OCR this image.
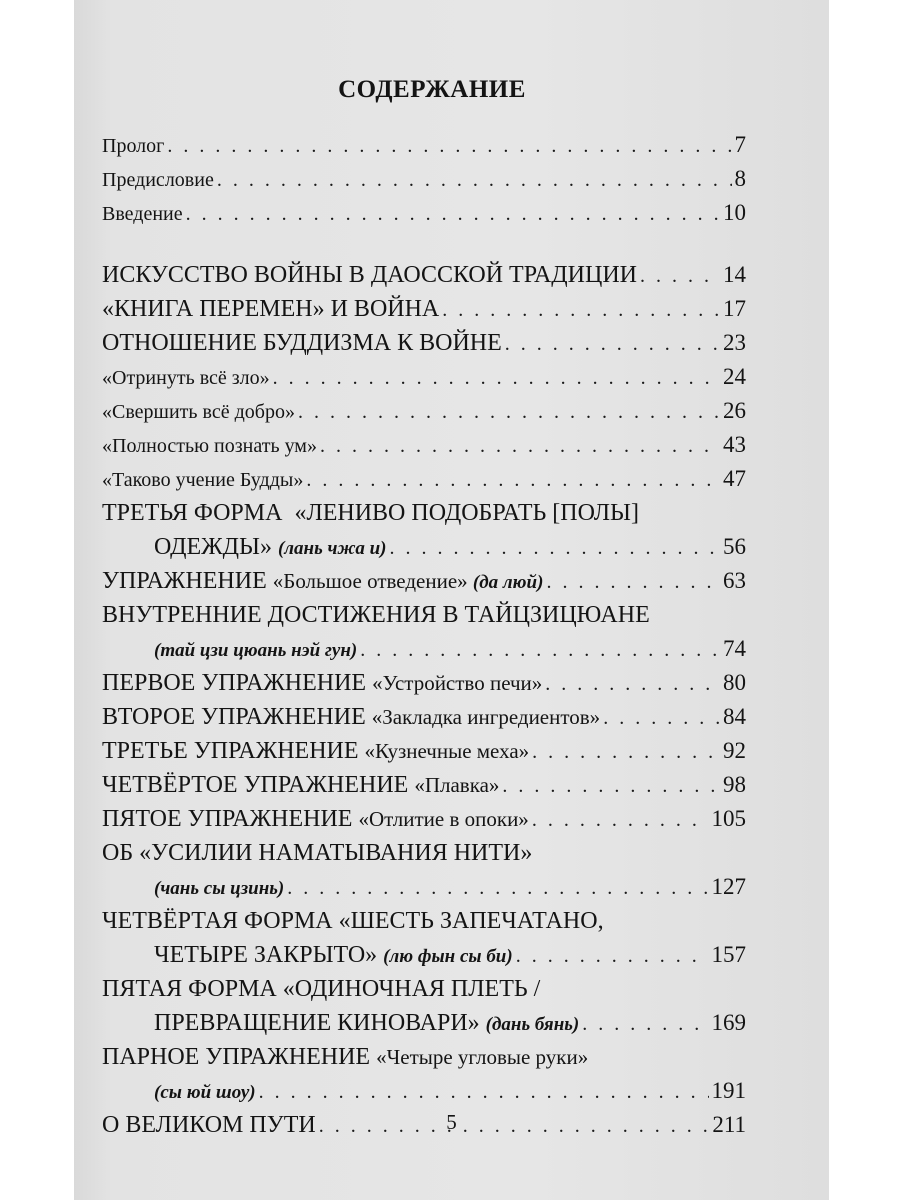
СОДЕРЖАНИЕ
Пролог . . .	7
Предисловие . . .	8
Введение . . .	10
ИСКУССТВО ВОЙНЫ В ДАОССКОЙ ТРАДИЦИИ . . .	14
«КНИГА ПЕРЕМЕН» И ВОЙНА . . .	17
ОТНОШЕНИЕ БУДДИЗМА К ВОЙНЕ . . .	23
«Отринуть всё зло» . . .	24
«Свершить всё добро» . . .	26
«Полностью познать ум» . . .	43
«Таково учение Будды» . . .	47
ТРЕТЬЯ ФОРМА  «ЛЕНИВО ПОДОБРАТЬ [ПОЛЫ]
ОДЕЖДЫ» (лань чжа и) . . .	56
УПРАЖНЕНИЕ «Большое отведение» (да люй) . . .	63
ВНУТРЕННИЕ ДОСТИЖЕНИЯ В ТАЙЦЗИЦЮАНЕ
(тай цзи цюань нэй гун) . . .	74
ПЕРВОЕ УПРАЖНЕНИЕ «Устройство печи» . . .	80
ВТОРОЕ УПРАЖНЕНИЕ «Закладка ингредиентов» . . .	84
ТРЕТЬЕ УПРАЖНЕНИЕ «Кузнечные меха» . . .	92
ЧЕТВЁРТОЕ УПРАЖНЕНИЕ «Плавка» . . .	98
ПЯТОЕ УПРАЖНЕНИЕ «Отлитие в опоки» . . .	105
ОБ «УСИЛИИ НАМАТЫВАНИЯ НИТИ»
(чань сы цзинь) . . .	127
ЧЕТВЁРТАЯ ФОРМА «ШЕСТЬ ЗАПЕЧАТАНО,
ЧЕТЫРЕ ЗАКРЫТО» (лю фын сы би) . . .	157
ПЯТАЯ ФОРМА «ОДИНОЧНАЯ ПЛЕТЬ /
ПРЕВРАЩЕНИЕ КИНОВАРИ» (дань бянь) . . .	169
ПАРНОЕ УПРАЖНЕНИЕ «Четыре угловые руки»
(сы юй шоу) . . .	191
О ВЕЛИКОМ ПУТИ . . .	211
5
